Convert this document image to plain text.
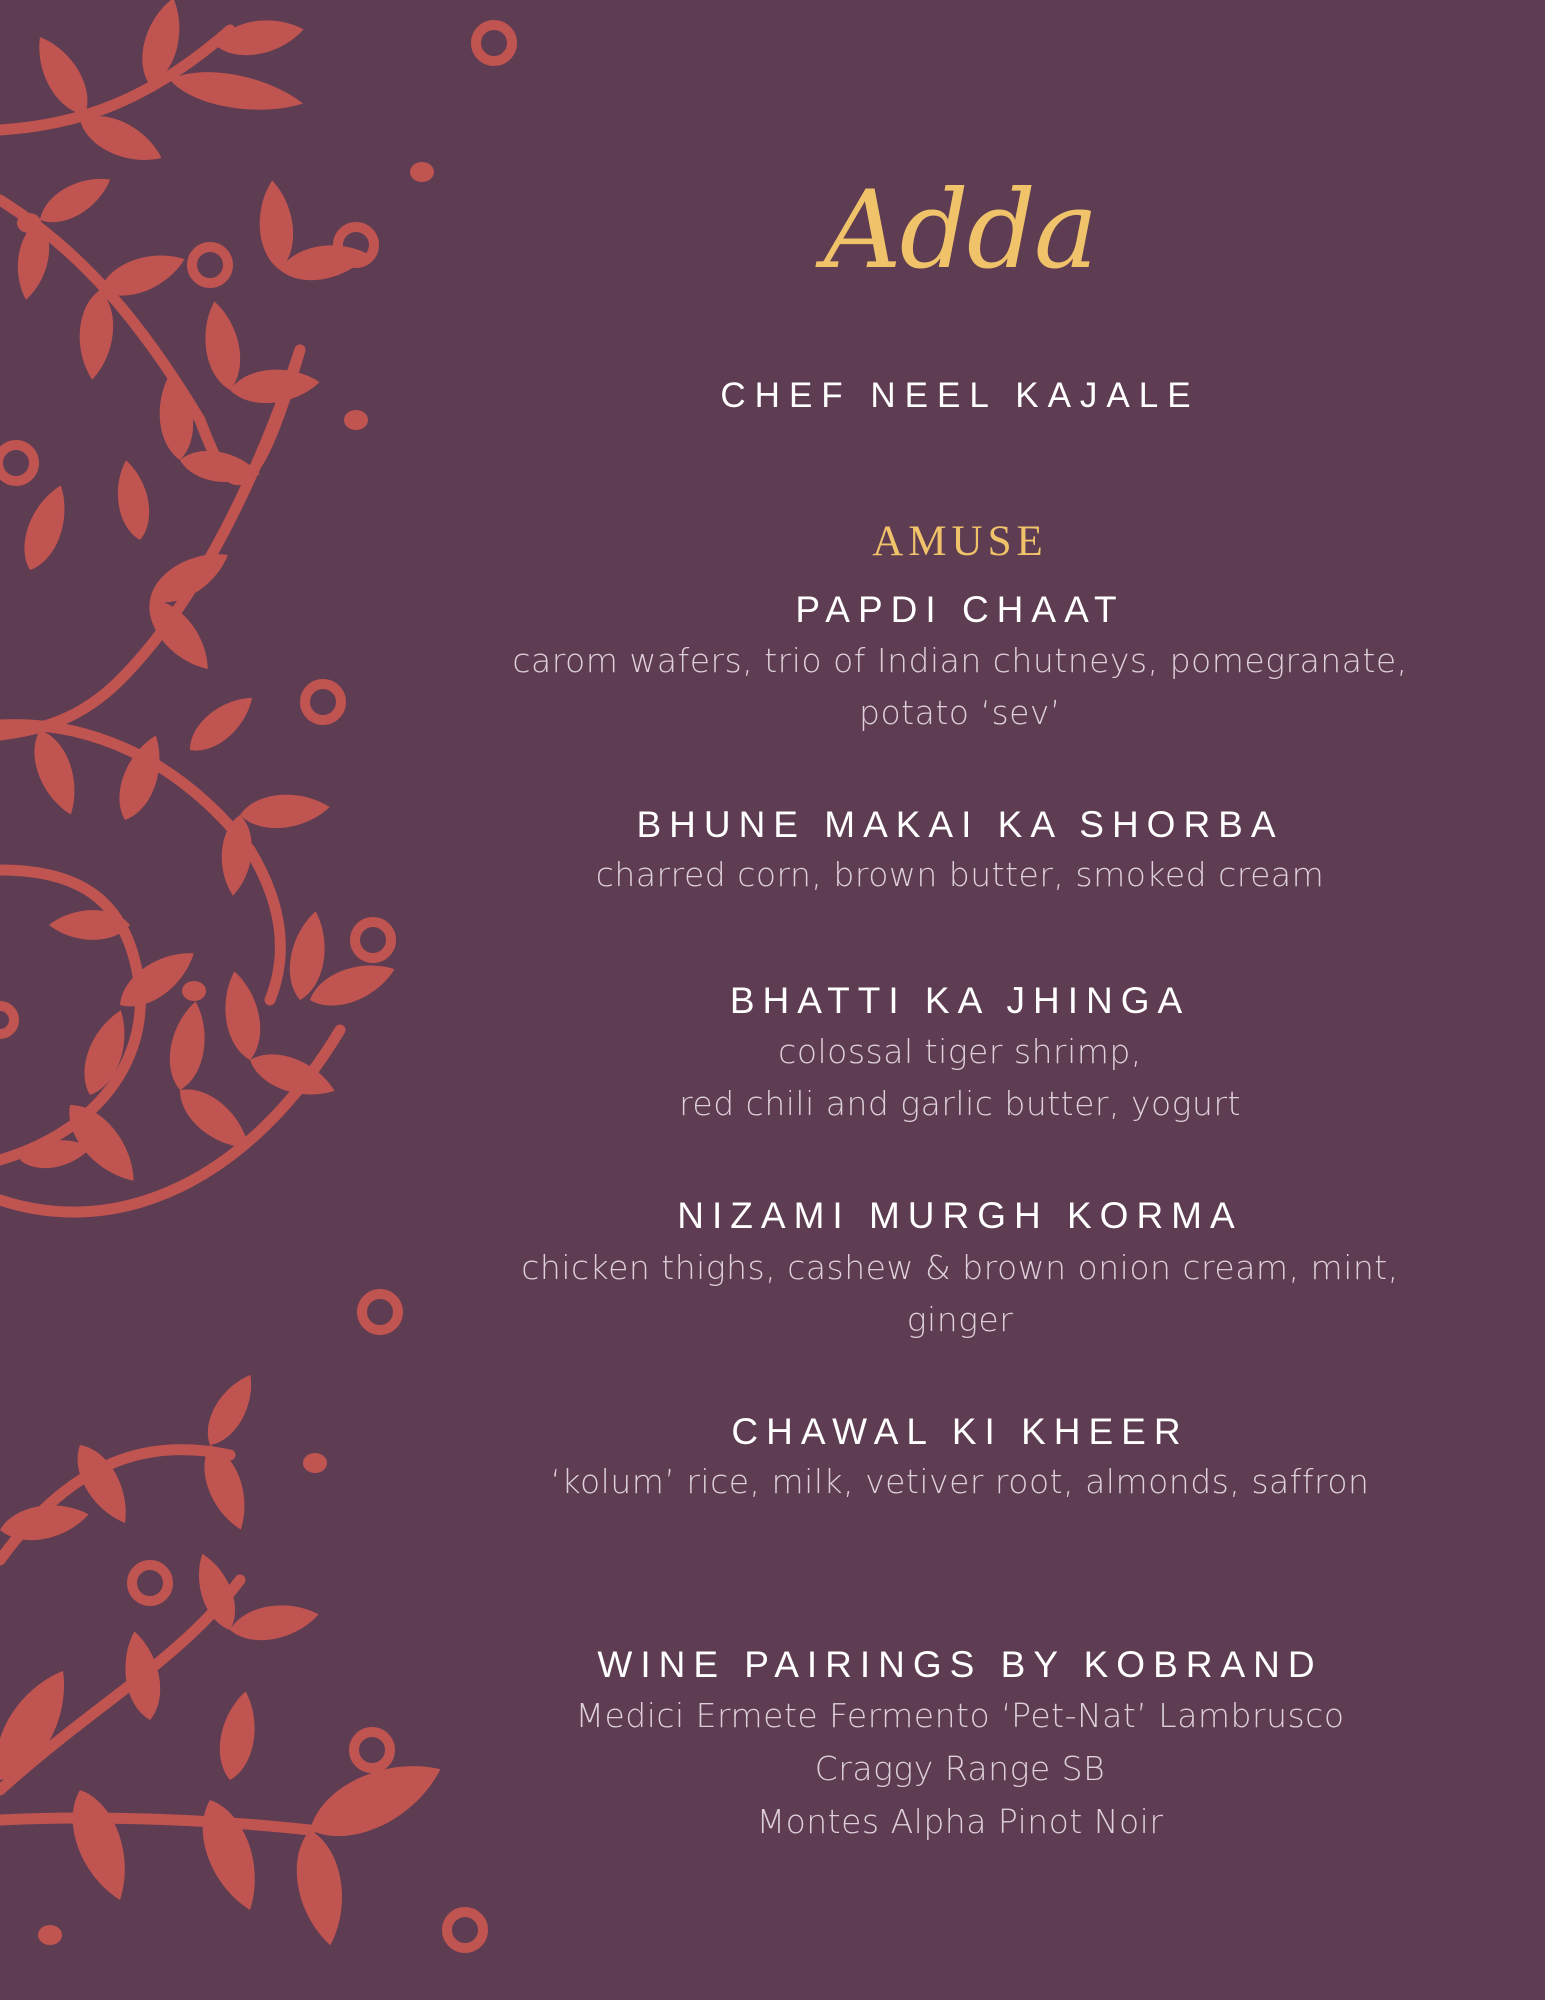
Adda
CHEF NEEL KAJALE
AMUSE
PAPDI CHAAT
carom wafers, trio of Indian chutneys, pomegranate,
potato ‘sev’
BHUNE MAKAI KA SHORBA
charred corn, brown butter, smoked cream
BHATTI KA JHINGA
colossal tiger shrimp,
red chili and garlic butter, yogurt
NIZAMI MURGH KORMA
chicken thighs, cashew & brown onion cream, mint,
ginger
CHAWAL KI KHEER
‘kolum’ rice, milk, vetiver root, almonds, saffron
WINE PAIRINGS BY KOBRAND
Medici Ermete Fermento ‘Pet-Nat’ Lambrusco
Craggy Range SB
Montes Alpha Pinot Noir
